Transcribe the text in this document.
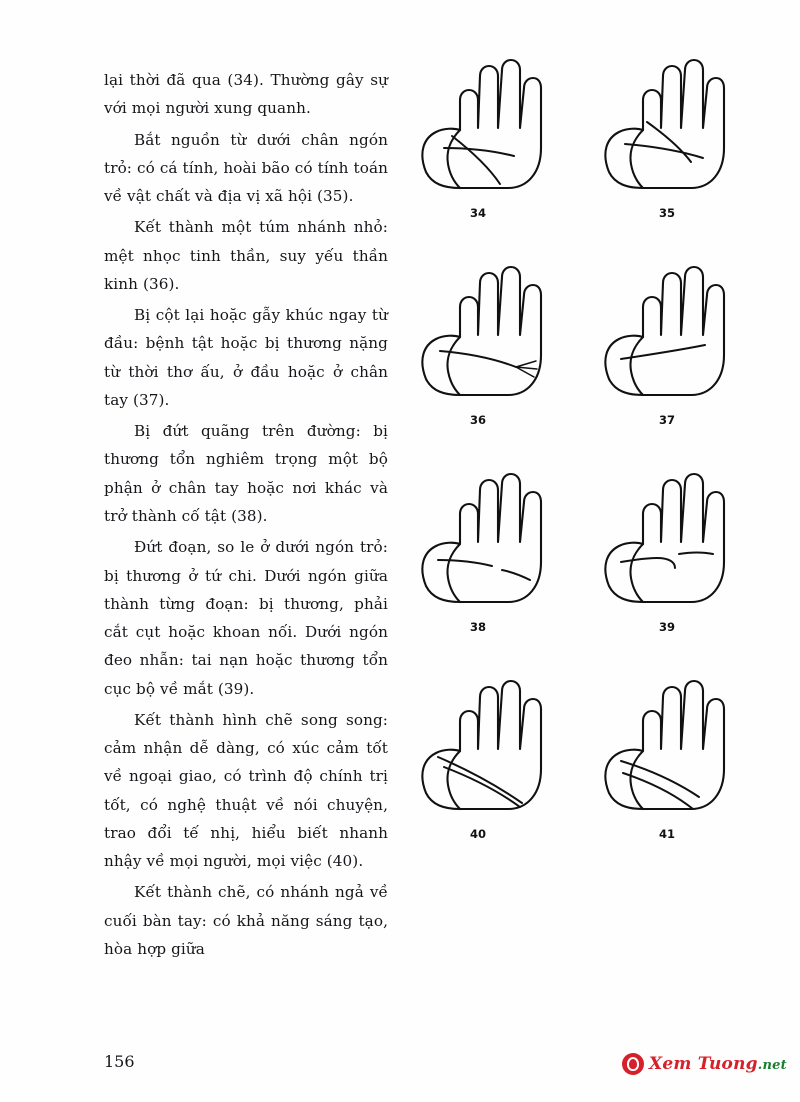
lại thời đã qua (34). Thường gây sự với mọi người xung quanh.

Bắt nguồn từ dưới chân ngón trỏ: có cá tính, hoài bão có tính toán về vật chất và địa vị xã hội (35).

Kết thành một túm nhánh nhỏ: mệt nhọc tinh thần, suy yếu thần kinh (36).

Bị cột lại hoặc gẫy khúc ngay từ đầu: bệnh tật hoặc bị thương nặng từ thời thơ ấu, ở đầu hoặc ở chân tay (37).

Bị đứt quãng trên đường: bị thương tổn nghiêm trọng một bộ phận ở chân tay hoặc nơi khác và trở thành cố tật (38).

Đứt đoạn, so le ở dưới ngón trỏ: bị thương ở tứ chi. Dưới ngón giữa thành từng đoạn: bị thương, phải cắt cụt hoặc khoan nối. Dưới ngón đeo nhẫn: tai nạn hoặc thương tổn cục bộ về mắt (39).

Kết thành hình chẽ song song: cảm nhận dễ dàng, có xúc cảm tốt về ngoại giao, có trình độ chính trị tốt, có nghệ thuật về nói chuyện, trao đổi tế nhị, hiểu biết nhanh nhậy về mọi người, mọi việc (40).

Kết thành chẽ, có nhánh ngả về cuối bàn tay: có khả năng sáng tạo, hòa hợp giữa

156
34	35
36	37
38	39
40	41
Xem Tuong.net
